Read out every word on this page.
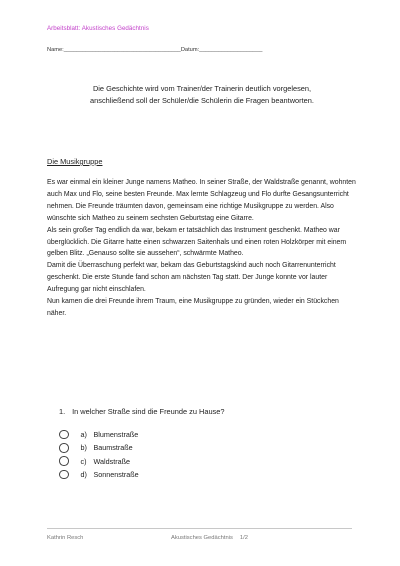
Arbeitsblatt: Akustisches Gedächtnis
Name:_____________________________________Datum:____________________
Die Geschichte wird vom Trainer/der Trainerin deutlich vorgelesen,
anschließend soll der Schüler/die Schülerin die Fragen beantworten.
Die Musikgruppe

Es war einmal ein kleiner Junge namens Matheo. In seiner Straße, der Waldstraße genannt, wohnten auch Max und Flo, seine besten Freunde. Max lernte Schlagzeug und Flo durfte Gesangsunterricht nehmen. Die Freunde träumten davon, gemeinsam eine richtige Musikgruppe zu werden. Also wünschte sich Matheo zu seinem sechsten Geburtstag eine Gitarre.

Als sein großer Tag endlich da war, bekam er tatsächlich das Instrument geschenkt. Matheo war überglücklich. Die Gitarre hatte einen schwarzen Saitenhals und einen roten Holzkörper mit einem gelben Blitz. „Genauso sollte sie aussehen“, schwärmte Matheo.

Damit die Überraschung perfekt war, bekam das Geburtstagskind auch noch Gitarrenunterricht geschenkt. Die erste Stunde fand schon am nächsten Tag statt. Der Junge konnte vor lauter Aufregung gar nicht einschlafen.

Nun kamen die drei Freunde ihrem Traum, eine Musikgruppe zu gründen, wieder ein Stückchen näher.

1. In welcher Straße sind die Freunde zu Hause?
a) Blumenstraße
b) Baumstraße
c) Waldstraße
d) Sonnenstraße
Kathrin Resch	Akustisches Gedächtnis 1/2
